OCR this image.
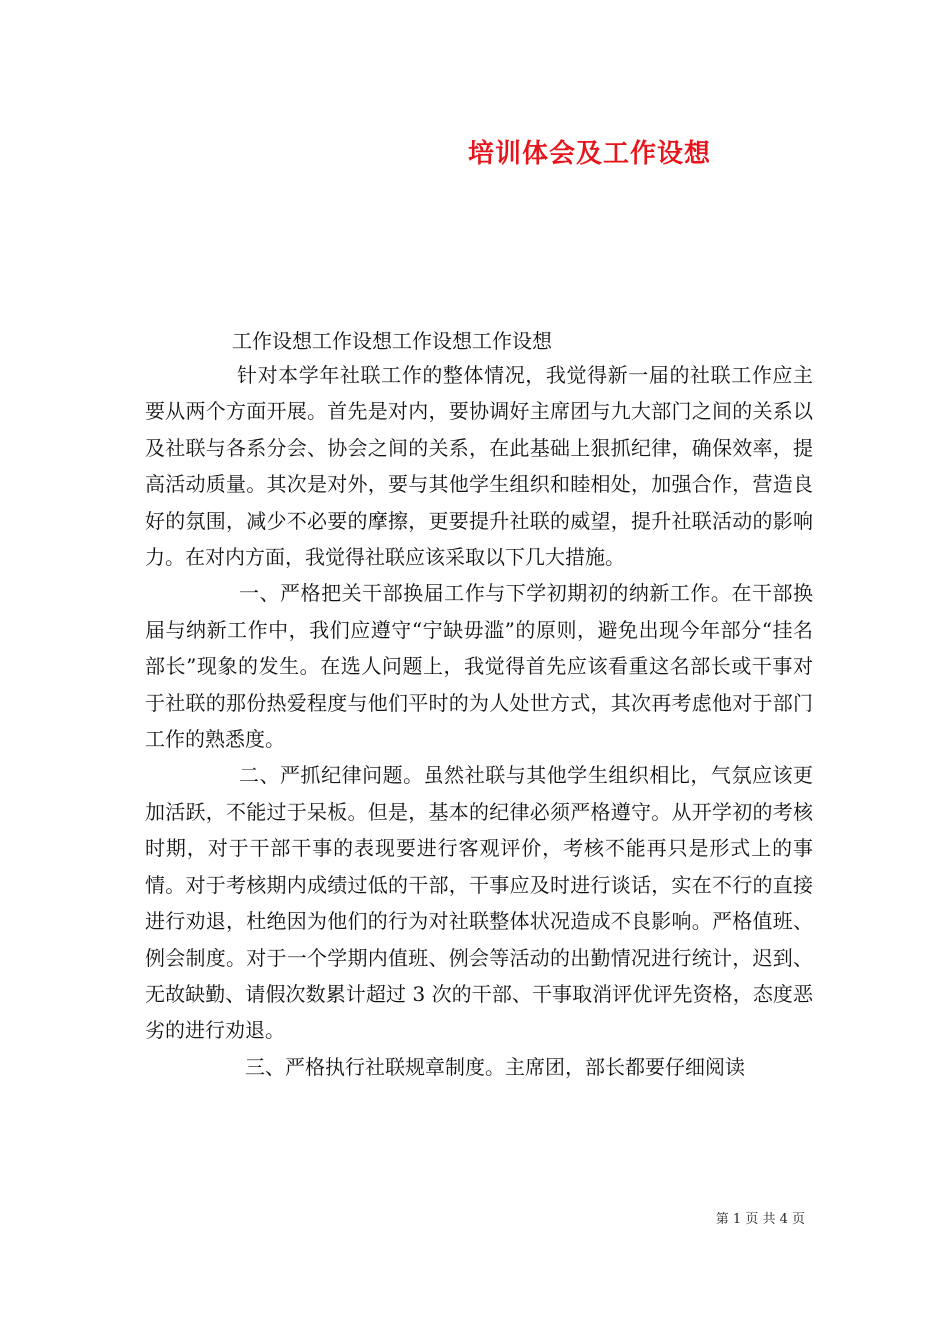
培训体会及工作设想
工作设想工作设想工作设想工作设想

针对本学年社联工作的整体情况，我觉得新一届的社联工作应主要从两个方面开展。首先是对内，要协调好主席团与九大部门之间的关系以及社联与各系分会、协会之间的关系，在此基础上狠抓纪律，确保效率，提高活动质量。其次是对外，要与其他学生组织和睦相处，加强合作，营造良好的氛围，减少不必要的摩擦，更要提升社联的威望，提升社联活动的影响力。在对内方面，我觉得社联应该采取以下几大措施。

一、严格把关干部换届工作与下学初期初的纳新工作。在干部换届与纳新工作中，我们应遵守“宁缺毋滥”的原则，避免出现今年部分“挂名部长”现象的发生。在选人问题上，我觉得首先应该看重这名部长或干事对于社联的那份热爱程度与他们平时的为人处世方式，其次再考虑他对于部门工作的熟悉度。

二、严抓纪律问题。虽然社联与其他学生组织相比，气氛应该更加活跃，不能过于呆板。但是，基本的纪律必须严格遵守。从开学初的考核时期，对于干部干事的表现要进行客观评价，考核不能再只是形式上的事情。对于考核期内成绩过低的干部，干事应及时进行谈话，实在不行的直接进行劝退，杜绝因为他们的行为对社联整体状况造成不良影响。严格值班、例会制度。对于一个学期内值班、例会等活动的出勤情况进行统计，迟到、无故缺勤、请假次数累计超过 3 次的干部、干事取消评优评先资格，态度恶劣的进行劝退。

三、严格执行社联规章制度。主席团，部长都要仔细阅读

第 1 页 共 4 页
